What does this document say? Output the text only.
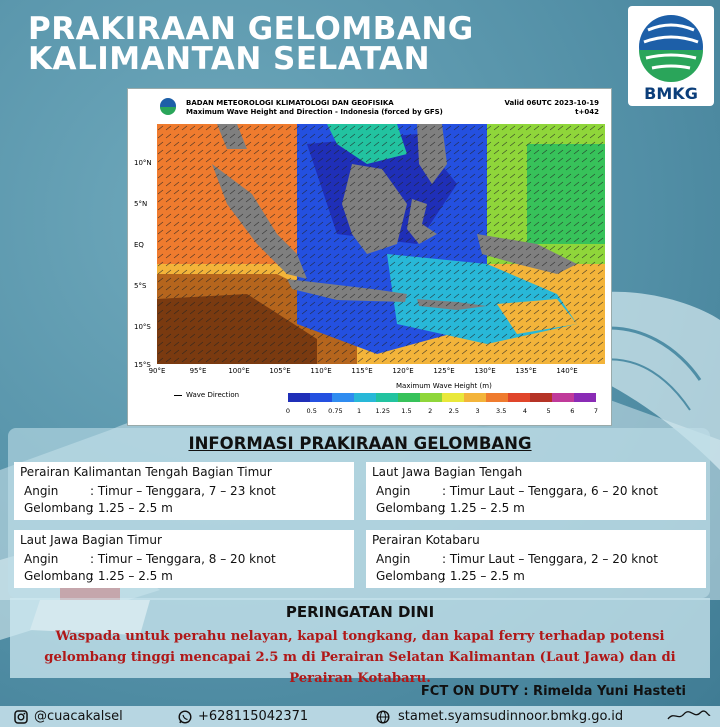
PRAKIRAAN GELOMBANG
KALIMANTAN SELATAN
BMKG
BADAN METEOROLOGI KLIMATOLOGI DAN GEOFISIKA
Maximum Wave Height and Direction - Indonesia (forced by GFS)
Valid 06UTC 2023-10-19
t+042
10°N
5°N
EQ
5°S
10°S
15°S
90°E	95°E	100°E	105°E	110°E	115°E	120°E	125°E	130°E	135°E	140°E
Wave Direction
Maximum Wave Height (m)
0	0.5 0.75 1 1.25 1.5	2	2.5	3	3.5	4	5	6	7
INFORMASI PRAKIRAAN GELOMBANG
Perairan Kalimantan Tengah Bagian Timur
Angin	: Timur – Tenggara, 7 – 23 knot
Gelombang: 1.25 – 2.5 m
Laut Jawa Bagian Tengah
Angin	: Timur Laut – Tenggara, 6 – 20 knot
Gelombang: 1.25 – 2.5 m
Laut Jawa Bagian Timur
Angin	: Timur – Tenggara, 8 – 20 knot
Gelombang: 1.25 – 2.5 m
Perairan Kotabaru
Angin	: Timur Laut – Tenggara, 2 – 20 knot
Gelombang: 1.25 – 2.5 m
PERINGATAN DINI
Waspada untuk perahu nelayan, kapal tongkang, dan kapal ferry terhadap potensi gelombang tinggi mencapai 2.5 m di Perairan Selatan Kalimantan (Laut Jawa) dan di Perairan Kotabaru.
FCT ON DUTY : Rimelda Yuni Hasteti
@cuacakalsel	+628115042371	stamet.syamsudinnoor.bmkg.go.id
